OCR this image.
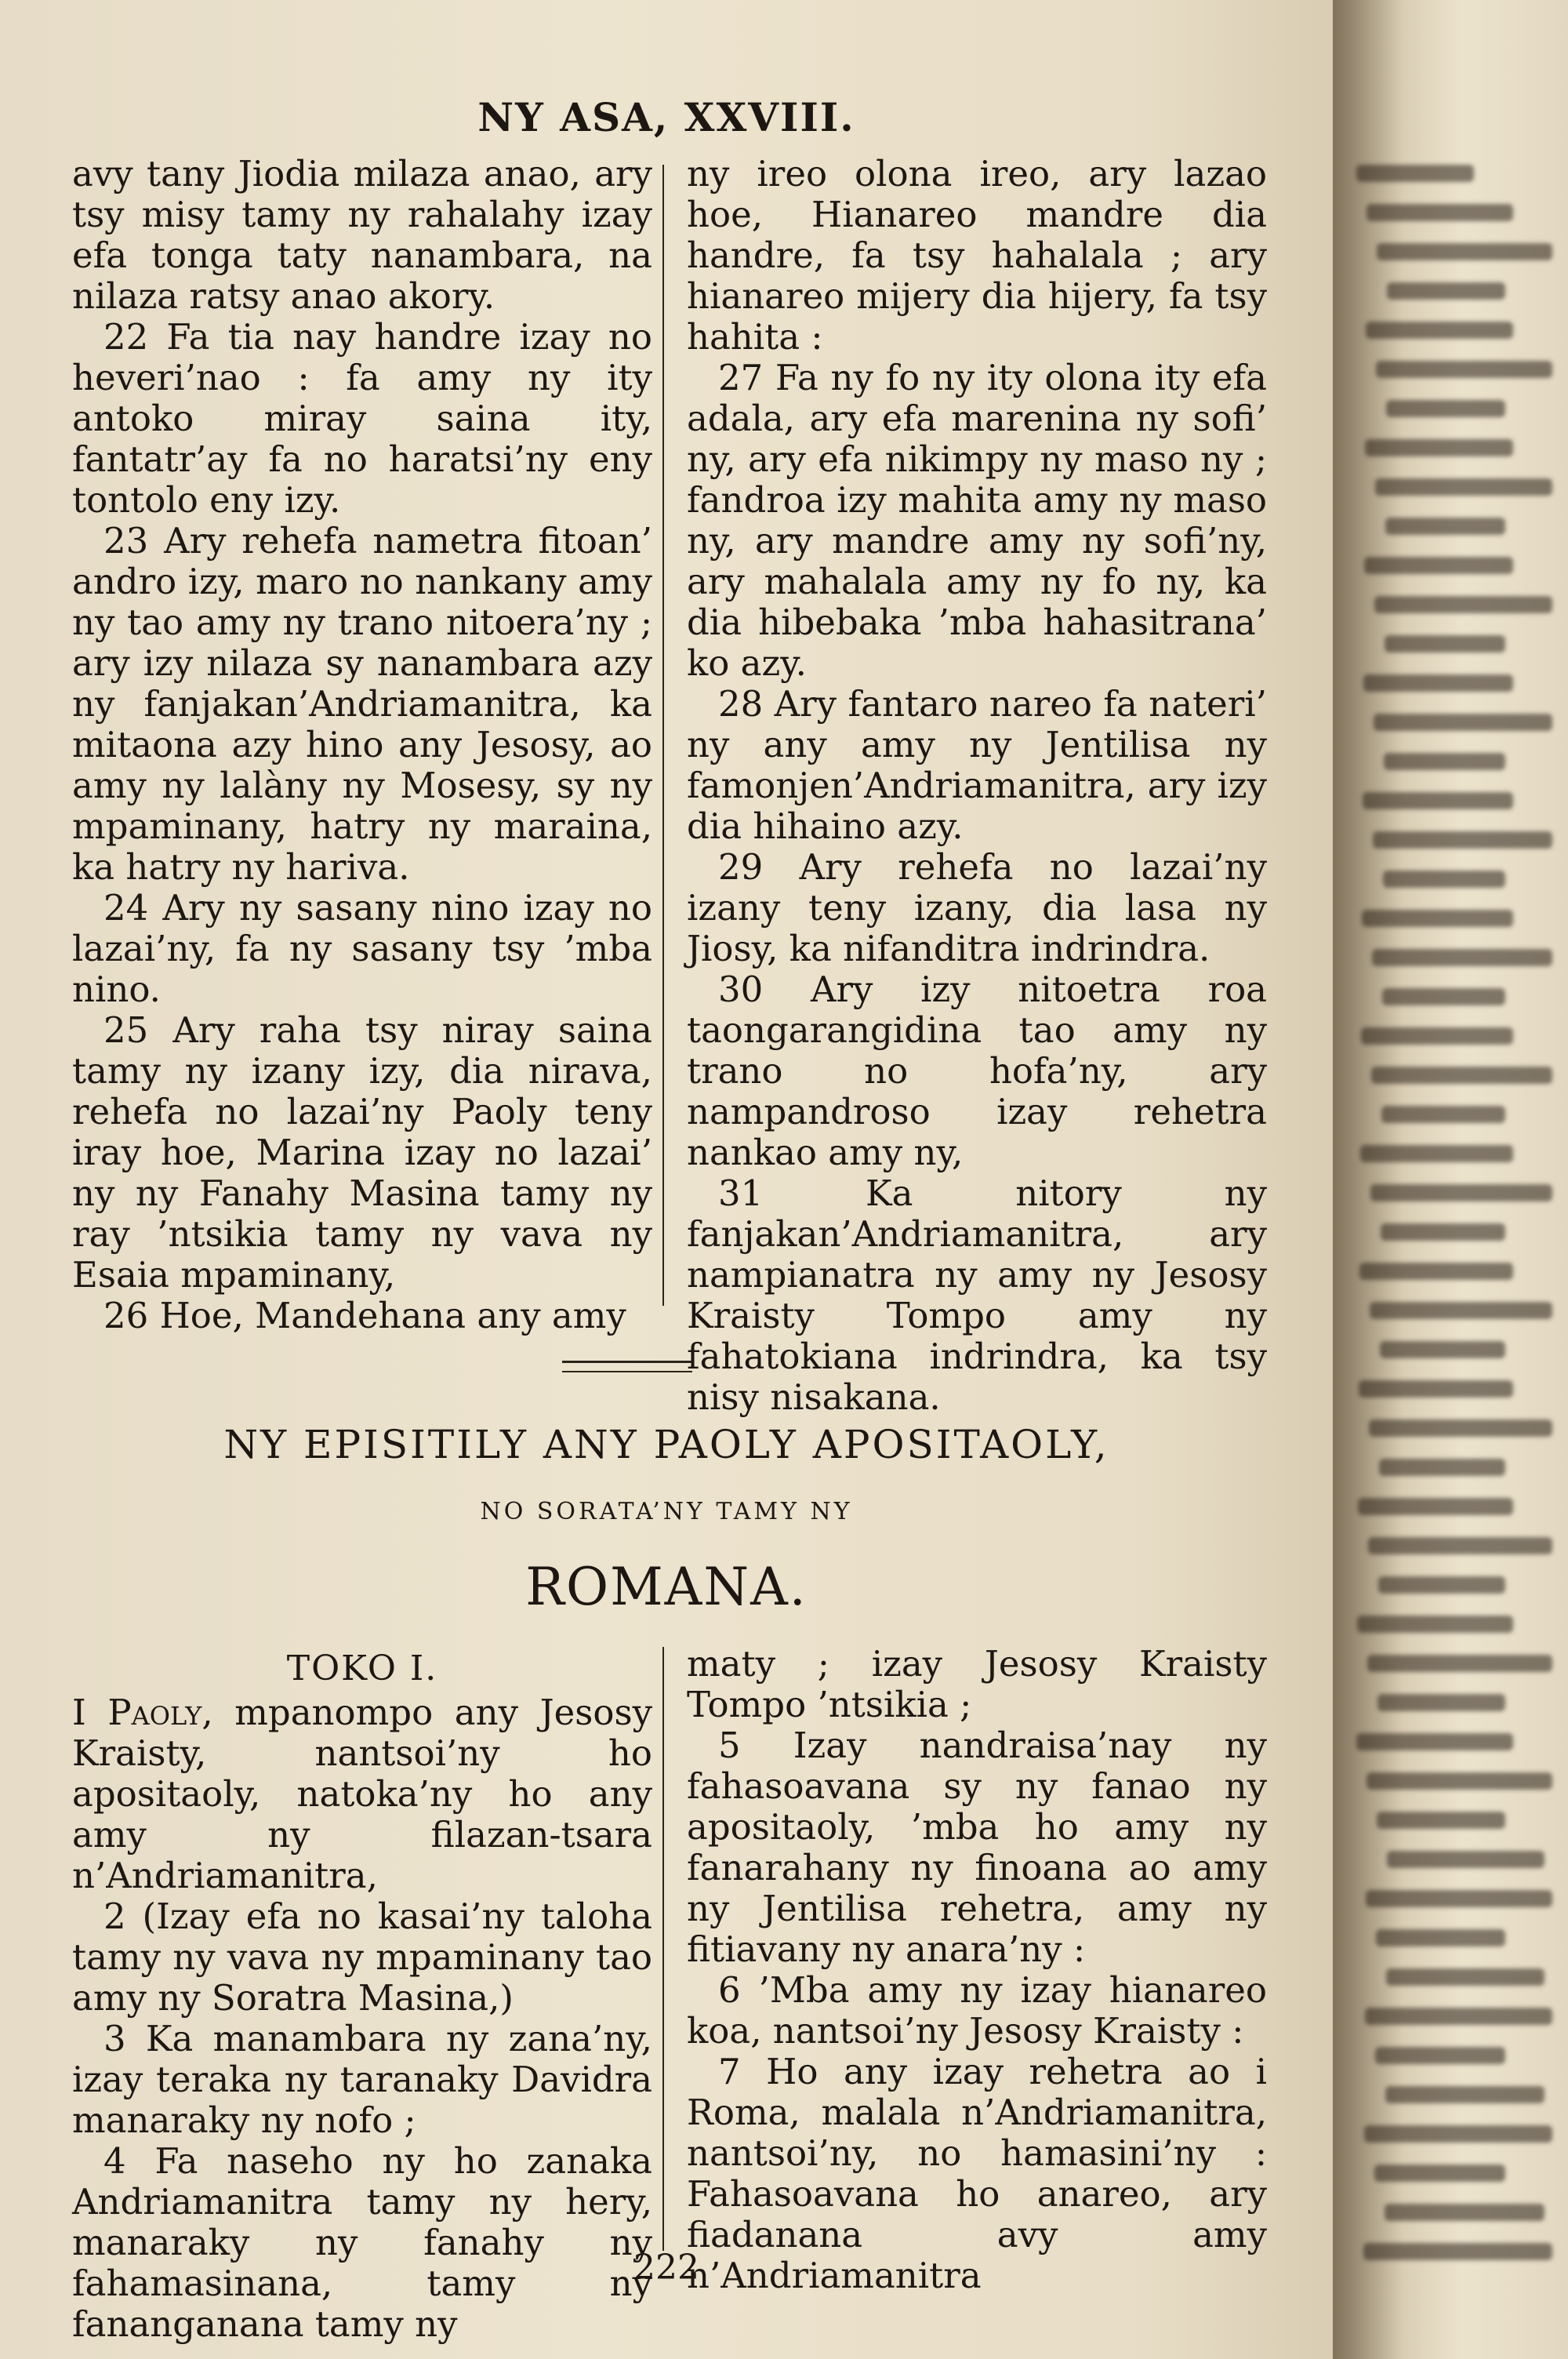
NY ASA, XXVIII.

avy tany Jiodia milaza anao, ary tsy misy tamy ny rahalahy izay efa tonga taty nanambara, na nilaza ratsy anao akory.

22 Fa tia nay handre izay no heveri’nao : fa amy ny ity antoko miray saina ity, fantatr’ay fa no haratsi’ny eny tontolo eny izy.

23 Ary rehefa nametra fitoan’ andro izy, maro no nankany amy ny tao amy ny trano nitoera’ny ; ary izy nilaza sy nanambara azy ny fanjakan’Andriamanitra, ka mitaona azy hino any Jesosy, ao amy ny lalàny ny Mosesy, sy ny mpaminany, hatry ny maraina, ka hatry ny hariva.

24 Ary ny sasany nino izay no lazai’ny, fa ny sasany tsy ’mba nino.

25 Ary raha tsy niray saina tamy ny izany izy, dia nirava, rehefa no lazai’ny Paoly teny iray hoe, Marina izay no lazai’ ny ny Fanahy Masina tamy ny ray ’ntsikia tamy ny vava ny Esaia mpaminany,

26 Hoe, Mandehana any amy

ny ireo olona ireo, ary lazao hoe, Hianareo mandre dia handre, fa tsy hahalala ; ary hianareo mijery dia hijery, fa tsy hahita :

27 Fa ny fo ny ity olona ity efa adala, ary efa marenina ny sofi’ ny, ary efa nikimpy ny maso ny ; fandroa izy mahita amy ny maso ny, ary mandre amy ny sofi’ny, ary mahalala amy ny fo ny, ka dia hibebaka ’mba hahasitrana’ ko azy.

28 Ary fantaro nareo fa nateri’ ny any amy ny Jentilisa ny famonjen’Andriamanitra, ary izy dia hihaino azy.

29 Ary rehefa no lazai’ny izany teny izany, dia lasa ny Jiosy, ka nifanditra indrindra.

30 Ary izy nitoetra roa taongarangidina tao amy ny trano no hofa’ny, ary nampandroso izay rehetra nankao amy ny,

31 Ka nitory ny fanjakan’Andriamanitra, ary nampianatra ny amy ny Jesosy Kraisty Tompo amy ny fahatokiana indrindra, ka tsy nisy nisakana.

NY EPISITILY ANY PAOLY APOSITAOLY,
NO SORATA’NY TAMY NY
ROMANA.

TOKO I.

I Paoly, mpanompo any Jesosy Kraisty, nantsoi’ny ho apositaoly, natoka’ny ho any amy ny filazan-tsara n’Andriamanitra,

2 (Izay efa no kasai’ny taloha tamy ny vava ny mpaminany tao amy ny Soratra Masina,)

3 Ka manambara ny zana’ny, izay teraka ny taranaky Davidra manaraky ny nofo ;

4 Fa naseho ny ho zanaka Andriamanitra tamy ny hery, manaraky ny fanahy ny fahamasinana, tamy ny fananganana tamy ny

maty ; izay Jesosy Kraisty Tompo ’ntsikia ;

5 Izay nandraisa’nay ny fahasoavana sy ny fanao ny apositaoly, ’mba ho amy ny fanarahany ny finoana ao amy ny Jentilisa rehetra, amy ny fitiavany ny anara’ny :

6 ’Mba amy ny izay hianareo koa, nantsoi’ny Jesosy Kraisty :

7 Ho any izay rehetra ao i Roma, malala n’Andriamanitra, nantsoi’ny, no hamasini’ny : Fahasoavana ho anareo, ary fiadanana avy amy n’Andriamanitra

222
